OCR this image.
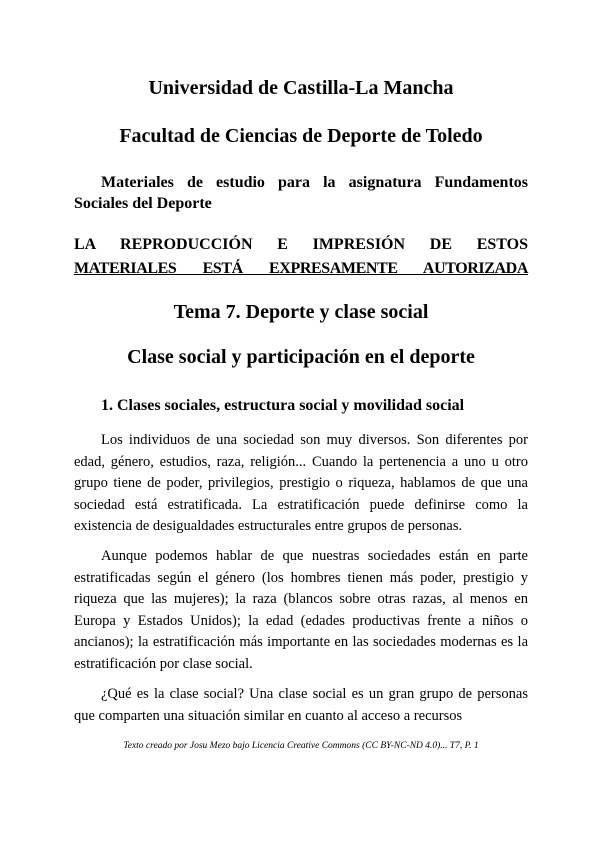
Universidad de Castilla-La Mancha
Facultad de Ciencias de Deporte de Toledo
Materiales de estudio para la asignatura Fundamentos Sociales del Deporte
LA REPRODUCCIÓN E IMPRESIÓN DE ESTOS
MATERIALES ESTÁ EXPRESAMENTE AUTORIZADA
Tema 7. Deporte y clase social
Clase social y participación en el deporte
1. Clases sociales, estructura social y movilidad social

Los individuos de una sociedad son muy diversos. Son diferentes por edad, género, estudios, raza, religión... Cuando la pertenencia a uno u otro grupo tiene de poder, privilegios, prestigio o riqueza, hablamos de que una sociedad está estratificada. La estratificación puede definirse como la existencia de desigualdades estructurales entre grupos de personas.

Aunque podemos hablar de que nuestras sociedades están en parte estratificadas según el género (los hombres tienen más poder, prestigio y riqueza que las mujeres); la raza (blancos sobre otras razas, al menos en Europa y Estados Unidos); la edad (edades productivas frente a niños o ancianos); la estratificación más importante en las sociedades modernas es la estratificación por clase social.

¿Qué es la clase social? Una clase social es un gran grupo de personas que comparten una situación similar en cuanto al acceso a recursos

Texto creado por Josu Mezo bajo Licencia Creative Commons (CC BY-NC-ND 4.0)... T7, P. 1
